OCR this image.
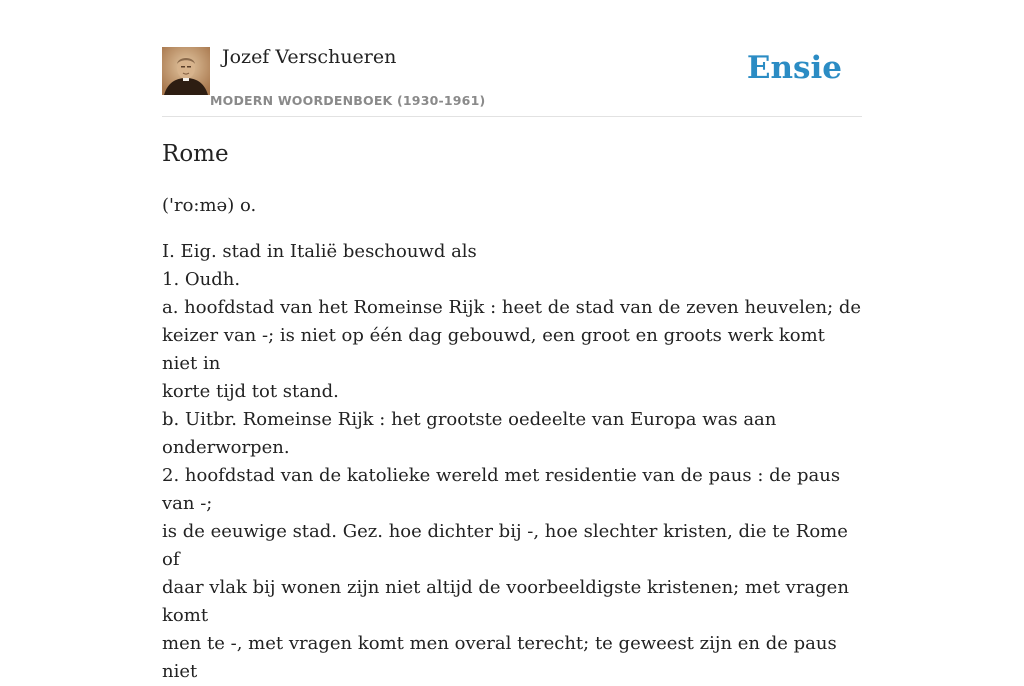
Jozef Verschueren
MODERN WOORDENBOEK (1930-1961)
Ensie
Rome

('ro:mə) o.

I. Eig. stad in Italië beschouwd als
1. Oudh.
a. hoofdstad van het Romeinse Rijk : heet de stad van de zeven heuvelen; de
keizer van -; is niet op één dag gebouwd, een groot en groots werk komt niet in
korte tijd tot stand.
b. Uitbr. Romeinse Rijk : het grootste oedeelte van Europa was aan onderworpen.
2. hoofdstad van de katolieke wereld met residentie van de paus : de paus van -;
is de eeuwige stad. Gez. hoe dichter bij -, hoe slechter kristen, die te Rome of
daar vlak bij wonen zijn niet altijd de voorbeeldigste kristenen; met vragen komt
men te -, met vragen komt men overal terecht; te geweest zijn en de paus niet
